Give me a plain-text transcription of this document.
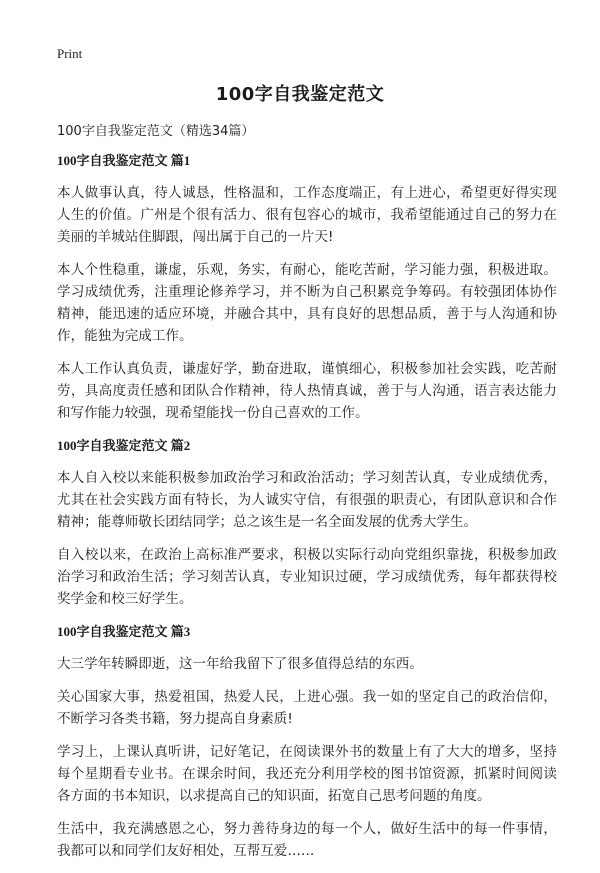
Print
100字自我鉴定范文
100字自我鉴定范文（精选34篇）
100字自我鉴定范文 篇1

本人做事认真，待人诚恳，性格温和，工作态度端正，有上进心，希望更好得实现人生的价值。广州是个很有活力、很有包容心的城市，我希望能通过自己的努力在美丽的羊城站住脚跟，闯出属于自己的一片天!

本人个性稳重，谦虚，乐观，务实，有耐心，能吃苦耐，学习能力强，积极进取。学习成绩优秀，注重理论修养学习，并不断为自己积累竞争筹码。有较强团体协作精神，能迅速的适应环境，并融合其中，具有良好的思想品质，善于与人沟通和协作，能独为完成工作。

本人工作认真负责，谦虚好学，勤奋进取，谨慎细心，积极参加社会实践，吃苦耐劳，具高度责任感和团队合作精神，待人热情真诚，善于与人沟通，语言表达能力和写作能力较强，现希望能找一份自己喜欢的工作。

100字自我鉴定范文 篇2

本人自入校以来能积极参加政治学习和政治活动；学习刻苦认真，专业成绩优秀，尤其在社会实践方面有特长，为人诚实守信，有很强的职责心，有团队意识和合作精神；能尊师敬长团结同学；总之该生是一名全面发展的优秀大学生。

自入校以来，在政治上高标准严要求，积极以实际行动向党组织靠拢，积极参加政治学习和政治生活；学习刻苦认真，专业知识过硬，学习成绩优秀，每年都获得校奖学金和校三好学生。

100字自我鉴定范文 篇3

大三学年转瞬即逝，这一年给我留下了很多值得总结的东西。

关心国家大事，热爱祖国，热爱人民，上进心强。我一如的坚定自己的政治信仰，不断学习各类书籍，努力提高自身素质!

学习上，上课认真听讲，记好笔记，在阅读课外书的数量上有了大大的增多，坚持每个星期看专业书。在课余时间，我还充分利用学校的图书馆资源，抓紧时间阅读各方面的书本知识，以求提高自己的知识面，拓宽自己思考问题的角度。

生活中，我充满感恩之心，努力善待身边的每一个人，做好生活中的每一件事情，我都可以和同学们友好相处，互帮互爱……
